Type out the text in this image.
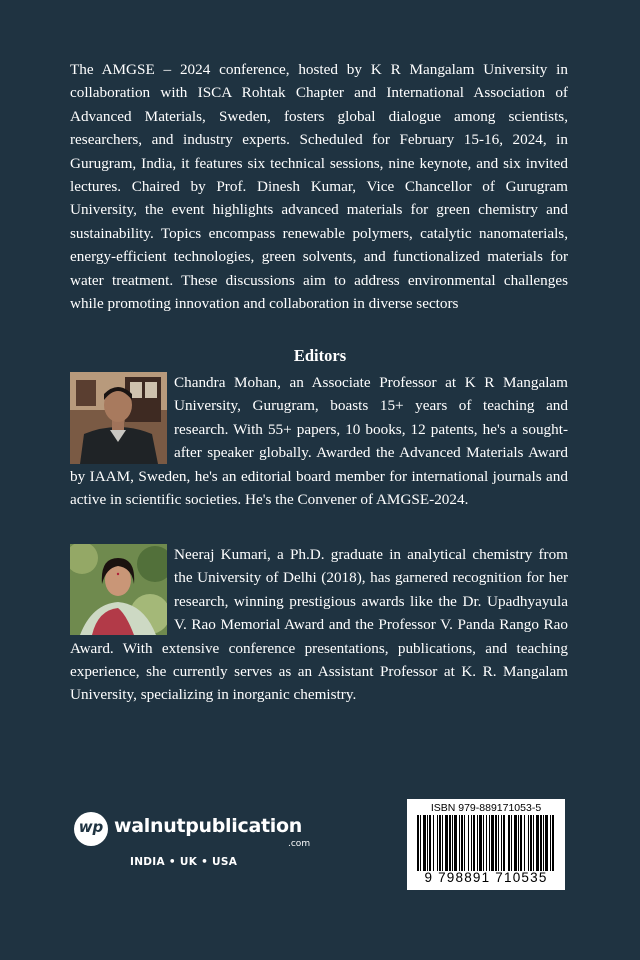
The AMGSE – 2024 conference, hosted by K R Mangalam University in collaboration with ISCA Rohtak Chapter and International Association of Advanced Materials, Sweden, fosters global dialogue among scientists, researchers, and industry experts. Scheduled for February 15-16, 2024, in Gurugram, India, it features six technical sessions, nine keynote, and six invited lectures. Chaired by Prof. Dinesh Kumar, Vice Chancellor of Gurugram University, the event highlights advanced materials for green chemistry and sustainability. Topics encompass renewable polymers, catalytic nanomaterials, energy-efficient technologies, green solvents, and functionalized materials for water treatment. These discussions aim to address environmental challenges while promoting innovation and collaboration in diverse sectors

Editors

Chandra Mohan, an Associate Professor at K R Mangalam University, Gurugram, boasts 15+ years of teaching and research. With 55+ papers, 10 books, 12 patents, he's a sought-after speaker globally. Awarded the Advanced Materials Award by IAAM, Sweden, he's an editorial board member for international journals and active in scientific societies. He's the Convener of AMGSE-2024.

Neeraj Kumari, a Ph.D. graduate in analytical chemistry from the University of Delhi (2018), has garnered recognition for her research, winning prestigious awards like the Dr. Upadhyayula V. Rao Memorial Award and the Professor V. Panda Rango Rao Award. With extensive conference presentations, publications, and teaching experience, she currently serves as an Assistant Professor at K. R. Mangalam University, specializing in inorganic chemistry.

wp walnutpublication
.com
INDIA • UK • USA
ISBN 979-889171053-5
9 798891 710535
